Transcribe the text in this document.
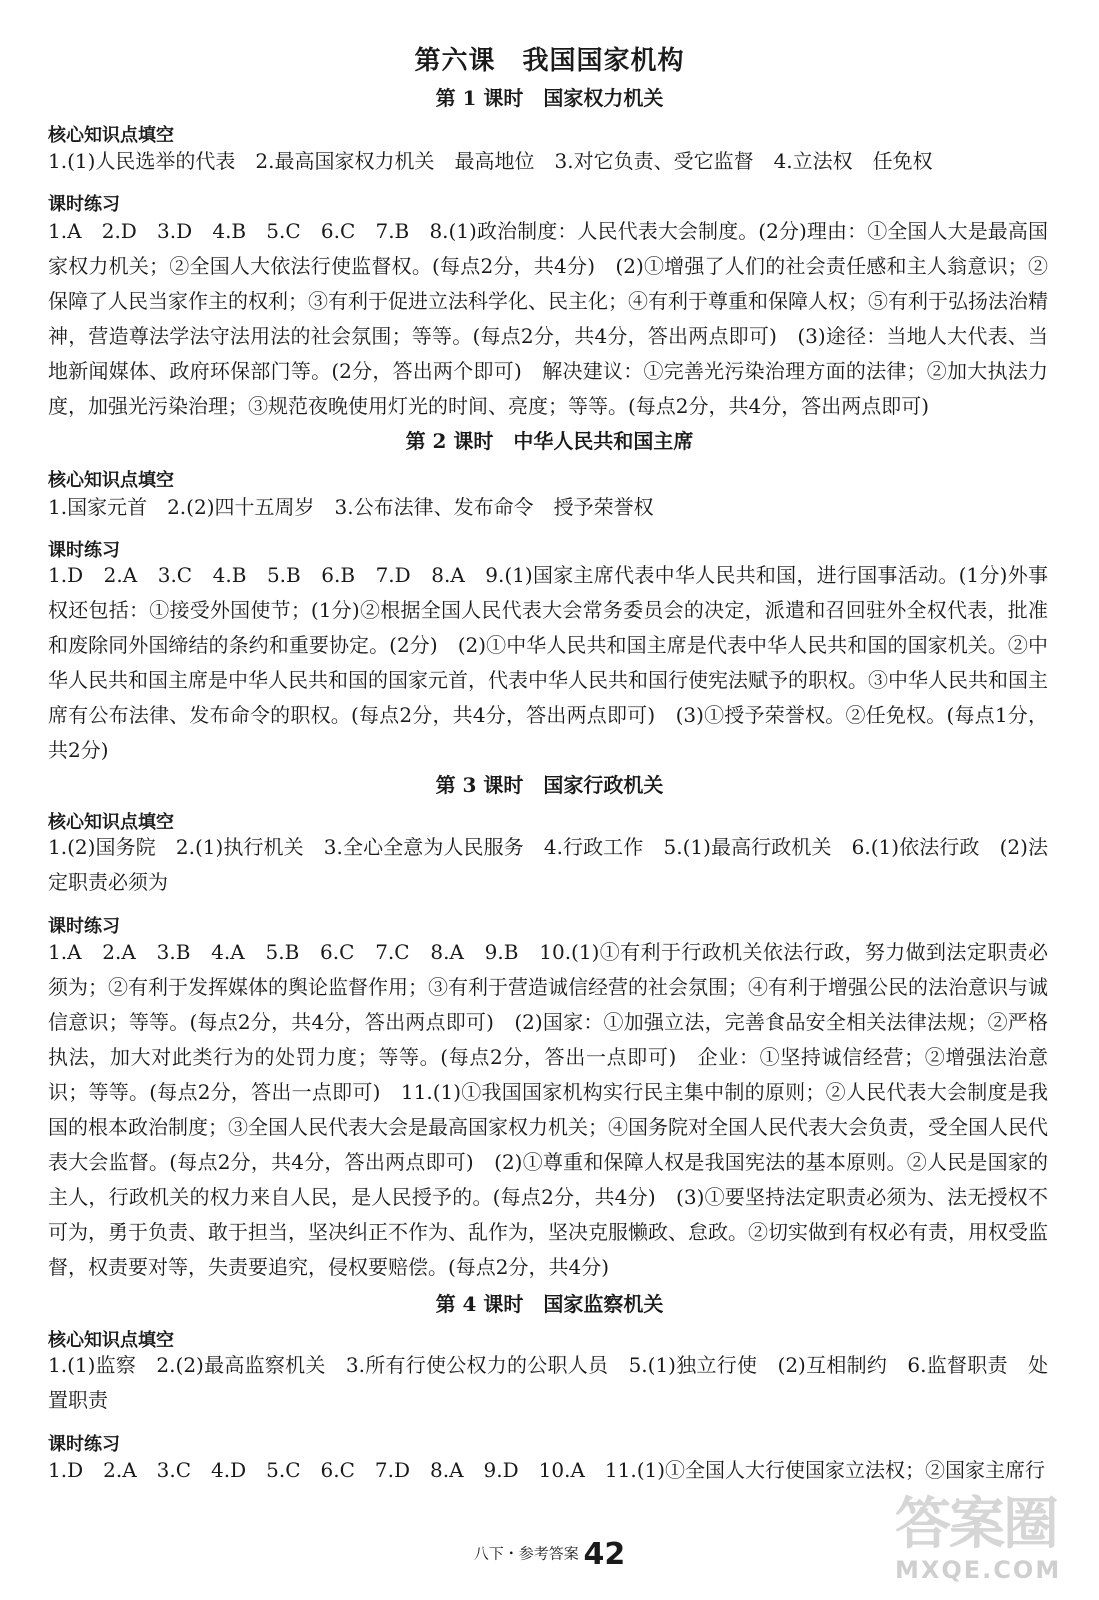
第六课　我国国家机构
第 1 课时　国家权力机关
核心知识点填空
1.(1)人民选举的代表　2.最高国家权力机关　最高地位　3.对它负责、受它监督　4.立法权　任免权
课时练习
1.A　2.D　3.D　4.B　5.C　6.C　7.B　8.(1)政治制度：人民代表大会制度。(2分)理由：①全国人大是最高国家权力机关；②全国人大依法行使监督权。(每点2分，共4分)　(2)①增强了人们的社会责任感和主人翁意识；②保障了人民当家作主的权利；③有利于促进立法科学化、民主化；④有利于尊重和保障人权；⑤有利于弘扬法治精神，营造尊法学法守法用法的社会氛围；等等。(每点2分，共4分，答出两点即可)　(3)途径：当地人大代表、当地新闻媒体、政府环保部门等。(2分，答出两个即可)　解决建议：①完善光污染治理方面的法律；②加大执法力度，加强光污染治理；③规范夜晚使用灯光的时间、亮度；等等。(每点2分，共4分，答出两点即可)
第 2 课时　中华人民共和国主席
核心知识点填空
1.国家元首　2.(2)四十五周岁　3.公布法律、发布命令　授予荣誉权
课时练习
1.D　2.A　3.C　4.B　5.B　6.B　7.D　8.A　9.(1)国家主席代表中华人民共和国，进行国事活动。(1分)外事权还包括：①接受外国使节；(1分)②根据全国人民代表大会常务委员会的决定，派遣和召回驻外全权代表，批准和废除同外国缔结的条约和重要协定。(2分)　(2)①中华人民共和国主席是代表中华人民共和国的国家机关。②中华人民共和国主席是中华人民共和国的国家元首，代表中华人民共和国行使宪法赋予的职权。③中华人民共和国主席有公布法律、发布命令的职权。(每点2分，共4分，答出两点即可)　(3)①授予荣誉权。②任免权。(每点1分，共2分)
第 3 课时　国家行政机关
核心知识点填空
1.(2)国务院　2.(1)执行机关　3.全心全意为人民服务　4.行政工作　5.(1)最高行政机关　6.(1)依法行政　(2)法定职责必须为
课时练习
1.A　2.A　3.B　4.A　5.B　6.C　7.C　8.A　9.B　10.(1)①有利于行政机关依法行政，努力做到法定职责必须为；②有利于发挥媒体的舆论监督作用；③有利于营造诚信经营的社会氛围；④有利于增强公民的法治意识与诚信意识；等等。(每点2分，共4分，答出两点即可)　(2)国家：①加强立法，完善食品安全相关法律法规；②严格执法，加大对此类行为的处罚力度；等等。(每点2分，答出一点即可)　企业：①坚持诚信经营；②增强法治意识；等等。(每点2分，答出一点即可)　11.(1)①我国国家机构实行民主集中制的原则；②人民代表大会制度是我国的根本政治制度；③全国人民代表大会是最高国家权力机关；④国务院对全国人民代表大会负责，受全国人民代表大会监督。(每点2分，共4分，答出两点即可)　(2)①尊重和保障人权是我国宪法的基本原则。②人民是国家的主人，行政机关的权力来自人民，是人民授予的。(每点2分，共4分)　(3)①要坚持法定职责必须为、法无授权不可为，勇于负责、敢于担当，坚决纠正不作为、乱作为，坚决克服懒政、怠政。②切实做到有权必有责，用权受监督，权责要对等，失责要追究，侵权要赔偿。(每点2分，共4分)
第 4 课时　国家监察机关
核心知识点填空
1.(1)监察　2.(2)最高监察机关　3.所有行使公权力的公职人员　5.(1)独立行使　(2)互相制约　6.监督职责　处置职责
课时练习
1.D　2.A　3.C　4.D　5.C　6.C　7.D　8.A　9.D　10.A　11.(1)①全国人大行使国家立法权；②国家主席行
八下・参考答案 42	答案圈
MXQE.COM
